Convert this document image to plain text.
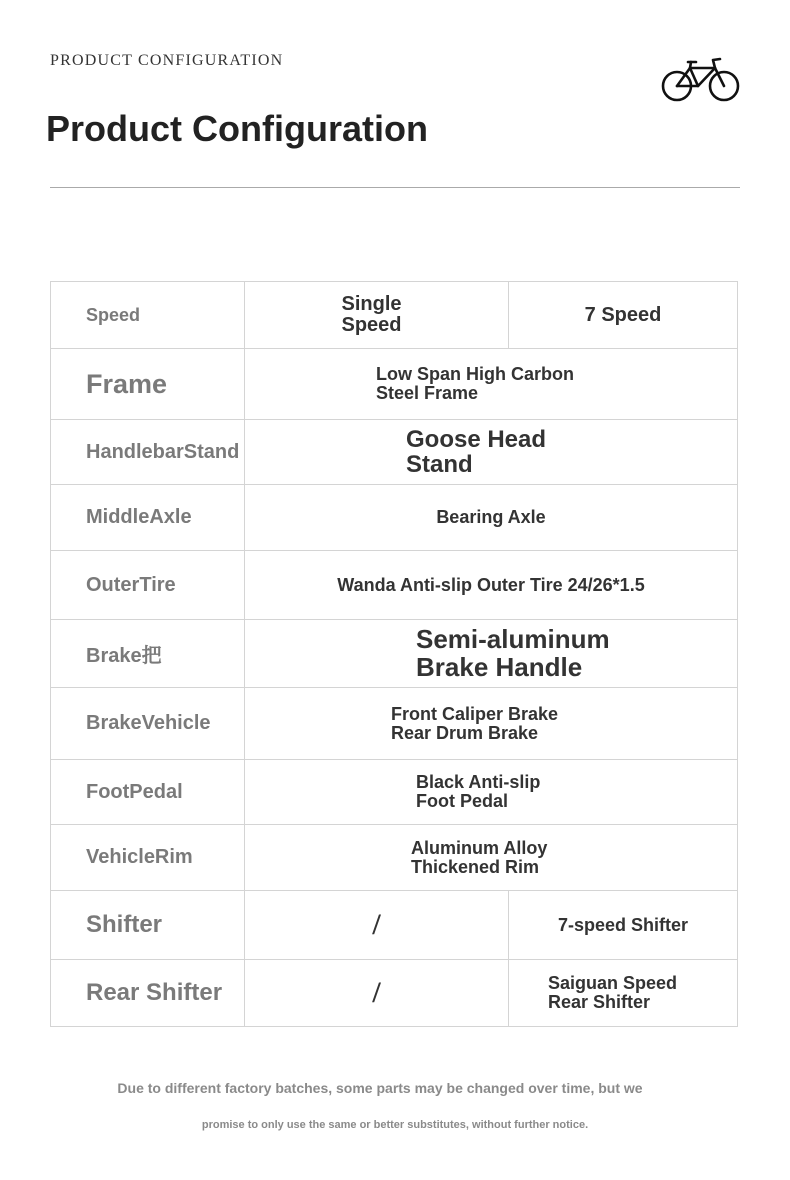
PRODUCT CONFIGURATION
Product Configuration
Speed	Single Speed	7 Speed
Frame	Low Span High Carbon Steel Frame	
HandlebarStand	Goose Head Stand	
MiddleAxle	Bearing Axle	
OuterTire	Wanda Anti-slip Outer Tire 24/26*1.5	
Brake把	Semi-aluminum Brake Handle	
BrakeVehicle	Front Caliper Brake Rear Drum Brake	
FootPedal	Black Anti-slip Foot Pedal	
VehicleRim	Aluminum Alloy Thickened Rim	
Shifter	/	7-speed Shifter
Rear Shifter	/	Saiguan Speed Rear Shifter
Due to different factory batches, some parts may be changed over time, but we
promise to only use the same or better substitutes, without further notice.
